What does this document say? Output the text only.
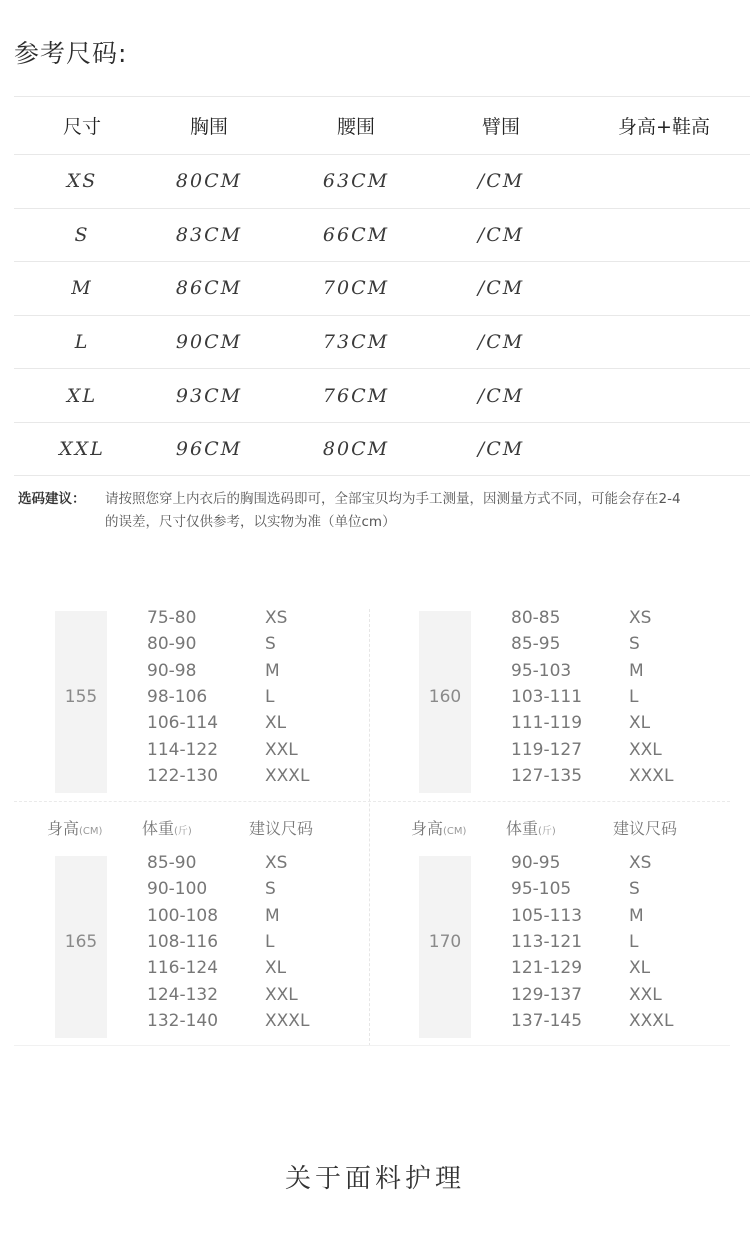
参考尺码:
尺寸	胸围	腰围	臂围	身高+鞋高
XS	80CM	63CM	/CM
S	83CM	66CM	/CM
M	86CM	70CM	/CM
L	90CM	73CM	/CM
XL	93CM	76CM	/CM
XXL	96CM	80CM	/CM
选码建议： 请按照您穿上内衣后的胸围选码即可，全部宝贝均为手工测量，因测量方式不同，可能会存在2-4
的误差，尺寸仅供参考，以实物为准（单位cm）
身高(CM) 体重(斤)	建议尺码	身高(CM) 体重(斤)	建议尺码
155
75-80	XS
80-90	S
90-98	M
98-106	L
106-114	XL
114-122	XXL
122-130	XXXL
160
80-85	XS
85-95	S
95-103	M
103-111	L
111-119	XL
119-127	XXL
127-135	XXXL
165
85-90	XS
90-100	S
100-108	M
108-116	L
116-124	XL
124-132	XXL
132-140	XXXL
170
90-95	XS
95-105	S
105-113	M
113-121	L
121-129	XL
129-137	XXL
137-145	XXXL
关于面料护理
